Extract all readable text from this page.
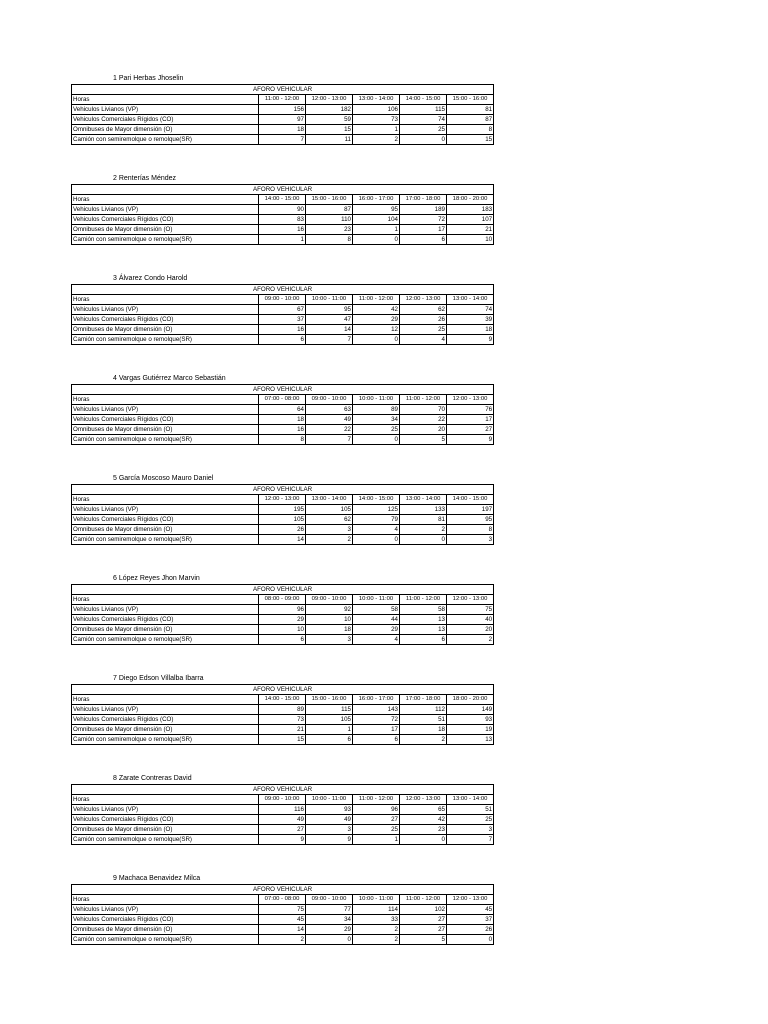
1 Pari Herbas Jhoselin
AFORO VEHICULAR					
Horas	11:00 - 12:00	12:00 - 13:00	13:00 - 14:00	14:00 - 15:00	15:00 - 16:00
Vehiculos Livianos (VP)	156	182	106	115	81
Vehiculos Comerciales Rígidos (CO)	97	59	73	74	87
Omnibuses de Mayor dimensión (O)	18	15	1	25	8
Camión con semiremolque o remolque(SR)	7	11	2	0	15
2 Renterías Méndez
AFORO VEHICULAR					
Horas	14:00 - 15:00	15:00 - 16:00	16:00 - 17:00	17:00 - 18:00	18:00 - 20:00
Vehiculos Livianos (VP)	90	87	95	189	183
Vehiculos Comerciales Rígidos (CO)	83	110	104	72	107
Omnibuses de Mayor dimensión (O)	16	23	1	17	21
Camión con semiremolque o remolque(SR)	1	8	0	6	10
3 Álvarez Condo Harold
AFORO VEHICULAR					
Horas	09:00 - 10:00	10:00 - 11:00	11:00 - 12:00	12:00 - 13:00	13:00 - 14:00
Vehiculos Livianos (VP)	67	95	42	62	74
Vehiculos Comerciales Rígidos (CO)	37	47	29	26	39
Omnibuses de Mayor dimensión (O)	16	14	12	25	18
Camión con semiremolque o remolque(SR)	6	7	0	4	9
4 Vargas Gutiérrez Marco Sebastián
AFORO VEHICULAR					
Horas	07:00 - 08:00	09:00 - 10:00	10:00 - 11:00	11:00 - 12:00	12:00 - 13:00
Vehiculos Livianos (VP)	64	63	89	70	76
Vehiculos Comerciales Rígidos (CO)	18	49	34	22	17
Omnibuses de Mayor dimensión (O)	16	22	25	20	27
Camión con semiremolque o remolque(SR)	8	7	0	5	9
5 García Moscoso Mauro Daniel
AFORO VEHICULAR					
Horas	12:00 - 13:00	13:00 - 14:00	14:00 - 15:00	13:00 - 14:00	14:00 - 15:00
Vehiculos Livianos (VP)	195	105	125	133	197
Vehiculos Comerciales Rígidos (CO)	105	62	79	81	95
Omnibuses de Mayor dimensión (O)	26	3	4	2	8
Camión con semiremolque o remolque(SR)	14	2	0	0	3
6 López Reyes Jhon Marvin
AFORO VEHICULAR					
Horas	08:00 - 09:00	09:00 - 10:00	10:00 - 11:00	11:00 - 12:00	12:00 - 13:00
Vehiculos Livianos (VP)	96	92	58	58	75
Vehiculos Comerciales Rígidos (CO)	29	10	44	13	40
Omnibuses de Mayor dimensión (O)	10	18	29	13	20
Camión con semiremolque o remolque(SR)	6	3	4	6	2
7 Diego Edson Villalba Ibarra
AFORO VEHICULAR					
Horas	14:00 - 15:00	15:00 - 16:00	16:00 - 17:00	17:00 - 18:00	18:00 - 20:00
Vehiculos Livianos (VP)	89	115	143	112	149
Vehiculos Comerciales Rígidos (CO)	73	105	72	51	93
Omnibuses de Mayor dimensión (O)	21	1	17	18	19
Camión con semiremolque o remolque(SR)	15	6	6	2	13
8 Zarate Contreras David
AFORO VEHICULAR					
Horas	09:00 - 10:00	10:00 - 11:00	11:00 - 12:00	12:00 - 13:00	13:00 - 14:00
Vehiculos Livianos (VP)	116	93	96	65	51
Vehiculos Comerciales Rígidos (CO)	49	49	27	42	25
Omnibuses de Mayor dimensión (O)	27	3	25	23	3
Camión con semiremolque o remolque(SR)	9	9	1	0	7
9 Machaca Benavidez Milca
AFORO VEHICULAR					
Horas	07:00 - 08:00	09:00 - 10:00	10:00 - 11:00	11:00 - 12:00	12:00 - 13:00
Vehiculos Livianos (VP)	75	77	114	102	45
Vehiculos Comerciales Rígidos (CO)	45	34	33	27	37
Omnibuses de Mayor dimensión (O)	14	29	2	27	26
Camión con semiremolque o remolque(SR)	2	0	2	5	0
